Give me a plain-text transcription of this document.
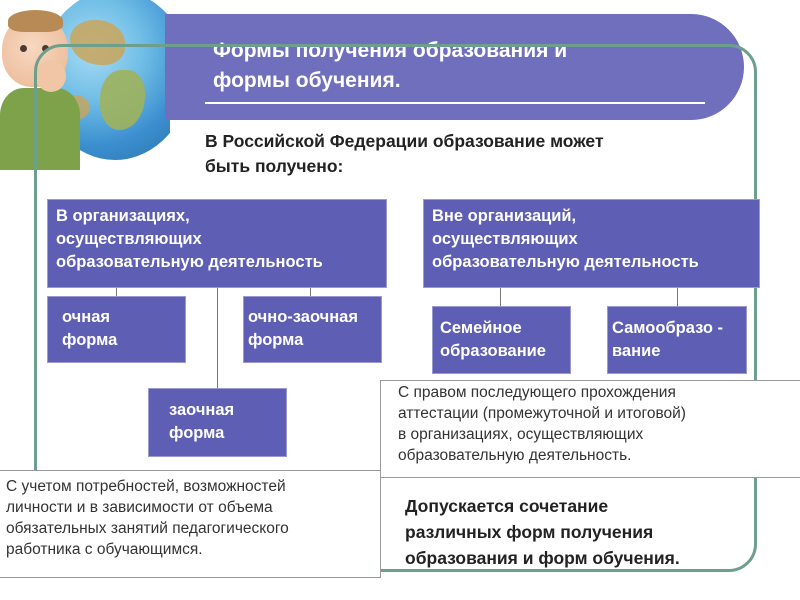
Формы получения образования и
формы обучения.
В Российской Федерации образование может
быть получено:
В организациях,
осуществляющих
образовательную деятельность
Вне организаций,
осуществляющих
образовательную деятельность
очная
форма
очно-заочная
форма
заочная
форма
Семейное
образование
Самообразо -
вание
С правом последующего прохождения
аттестации (промежуточной и итоговой)
в организациях, осуществляющих
образовательную деятельность.
С учетом потребностей, возможностей
личности и в зависимости от объема
обязательных занятий педагогического
работника с обучающимся.
Допускается сочетание
различных форм получения
образования и форм обучения.
